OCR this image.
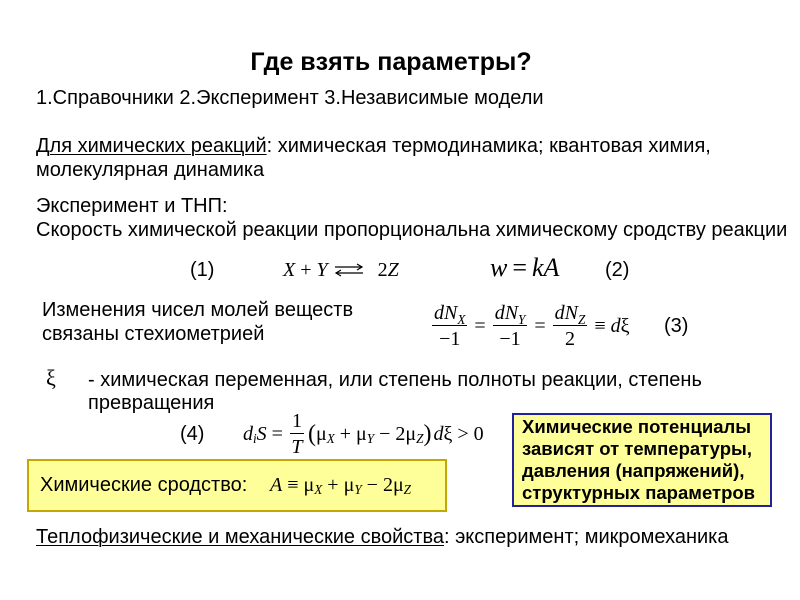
Где взять параметры?
1.Справочники 2.Эксперимент 3.Независимые модели
Для химических реакций: химическая термодинамика; квантовая химия,
молекулярная динамика
Эксперимент и ТНП:
Скорость химической реакции пропорциональна химическому сродству реакции
(1)	X + Y ⇌ 2 Z	w = kA (2)
Изменения чисел молей веществ
связаны стехиометрией	$\frac{dN_X}{-1} = \frac{dN_Y}{-1} = \frac{dN_Z}{2} \equiv d$ ξ (3)
ξ - химическая переменная, или степень полноты реакции, степень
превращения
(4) d i $S = \frac{1}{T}$ ( μ X + μ Y − 2 μ Z ) d ξ > 0 Химические потенциалы
зависят от температуры,
давления (напряжений),
структурных параметров
Химические сродство: A ≡ μ X + μ Y − 2 μ Z
Теплофизические и механические свойства: эксперимент; микромеханика
